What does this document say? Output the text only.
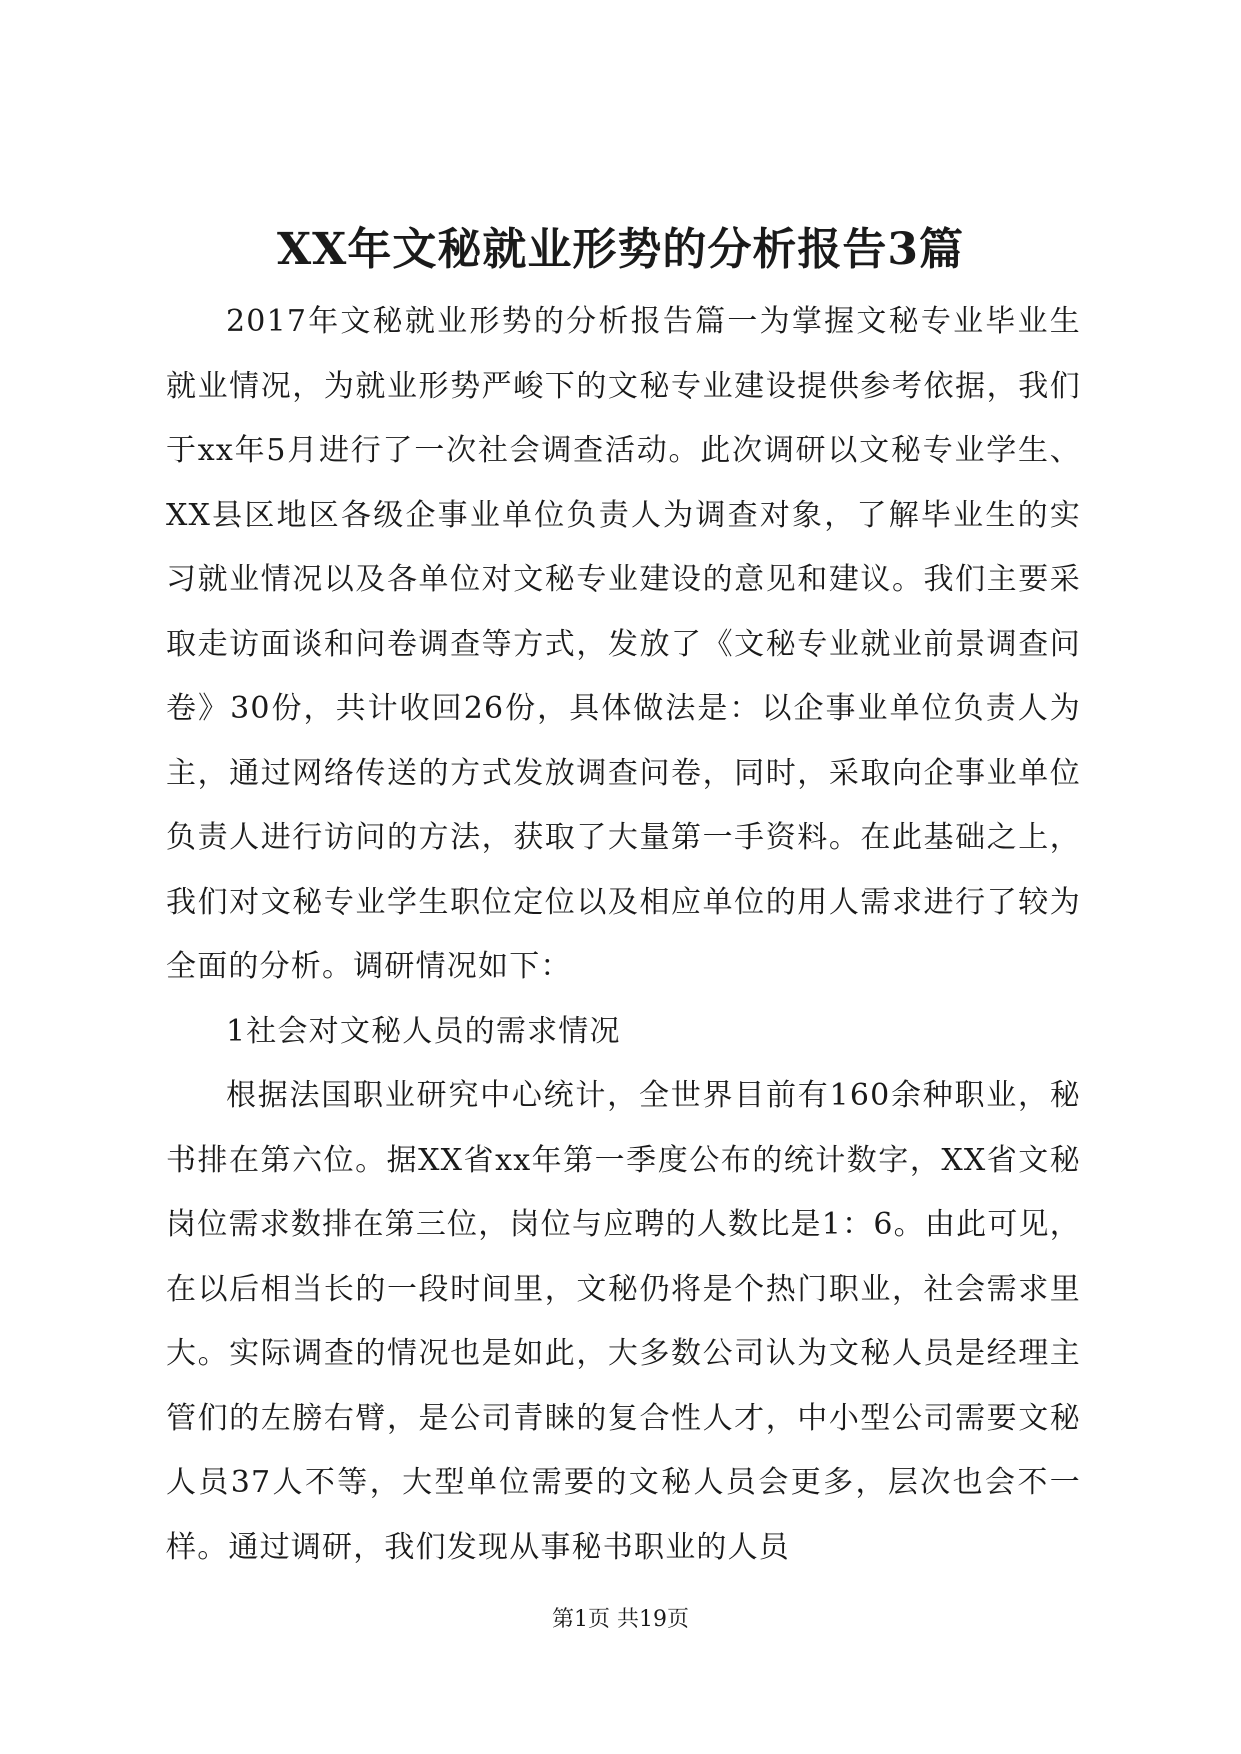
XX年文秘就业形势的分析报告3篇

2017年文秘就业形势的分析报告篇一为掌握文秘专业毕业生就业情况，为就业形势严峻下的文秘专业建设提供参考依据，我们于xx年5月进行了一次社会调查活动。此次调研以文秘专业学生、XX县区地区各级企事业单位负责人为调查对象，了解毕业生的实习就业情况以及各单位对文秘专业建设的意见和建议。我们主要采取走访面谈和问卷调查等方式，发放了《文秘专业就业前景调查问卷》30份，共计收回26份，具体做法是：以企事业单位负责人为主，通过网络传送的方式发放调查问卷，同时，采取向企事业单位负责人进行访问的方法，获取了大量第一手资料。在此基础之上，我们对文秘专业学生职位定位以及相应单位的用人需求进行了较为全面的分析。调研情况如下：

1社会对文秘人员的需求情况

根据法国职业研究中心统计，全世界目前有160余种职业，秘书排在第六位。据XX省xx年第一季度公布的统计数字，XX省文秘岗位需求数排在第三位，岗位与应聘的人数比是1：6。由此可见，在以后相当长的一段时间里，文秘仍将是个热门职业，社会需求里大。实际调查的情况也是如此，大多数公司认为文秘人员是经理主管们的左膀右臂，是公司青睐的复合性人才，中小型公司需要文秘人员37人不等，大型单位需要的文秘人员会更多，层次也会不一样。通过调研，我们发现从事秘书职业的人员

第1页 共19页
